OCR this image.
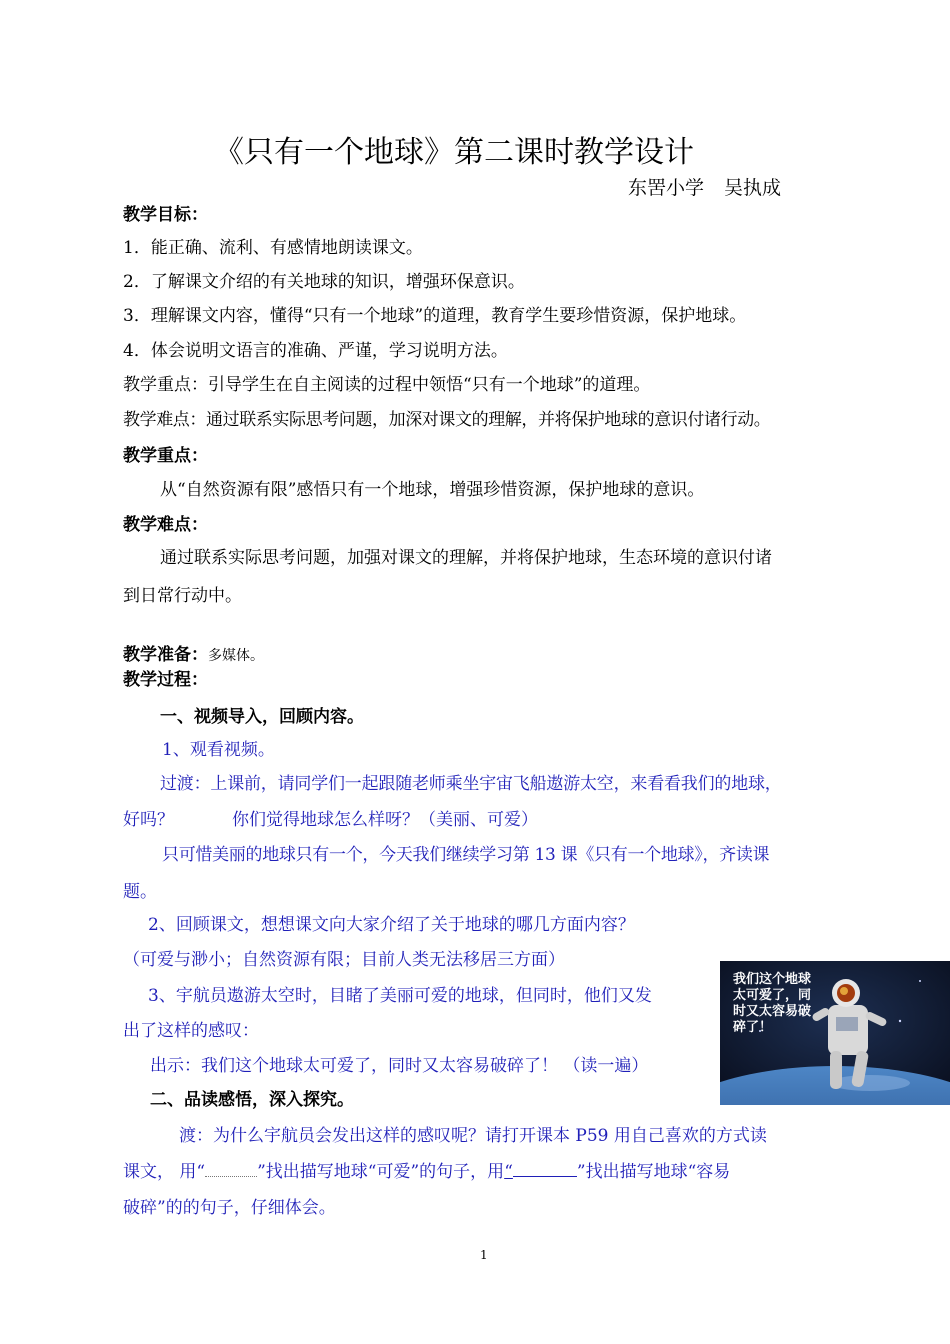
《只有一个地球》第二课时教学设计
东罟小学 吴执成
教学目标：
1．能正确、流利、有感情地朗读课文。
2．了解课文介绍的有关地球的知识，增强环保意识。
3．理解课文内容，懂得“只有一个地球”的道理，教育学生要珍惜资源，保护地球。
4．体会说明文语言的准确、严谨，学习说明方法。
教学重点：引导学生在自主阅读的过程中领悟“只有一个地球”的道理。
教学难点：通过联系实际思考问题，加深对课文的理解，并将保护地球的意识付诸行动。
教学重点：
从“自然资源有限”感悟只有一个地球，增强珍惜资源，保护地球的意识。
教学难点：
通过联系实际思考问题，加强对课文的理解，并将保护地球，生态环境的意识付诸
到日常行动中。
教学准备：多媒体。
教学过程：
一、视频导入，回顾内容。
1、观看视频。
过渡：上课前，请同学们一起跟随老师乘坐宇宙飞船遨游太空，来看看我们的地球，
好吗？	你们觉得地球怎么样呀？（美丽、可爱）
只可惜美丽的地球只有一个，今天我们继续学习第 13 课《只有一个地球》，齐读课
题。
2、回顾课文，想想课文向大家介绍了关于地球的哪几方面内容？
（可爱与渺小；自然资源有限；目前人类无法移居三方面）
3、宇航员遨游太空时，目睹了美丽可爱的地球，但同时，他们又发
出了这样的感叹：
出示：我们这个地球太可爱了，同时又太容易破碎了！ （读一遍）
二、品读感悟，深入探究。
渡：为什么宇航员会发出这样的感叹呢？请打开课本 P59 用自己喜欢的方式读
课文， 用“	”找出描写地球“可爱”的句子，用“	”找出描写地球“容易
破碎”的的句子，仔细体会。
我们这个地球
太可爱了，同
时又太容易破
碎了！
1
